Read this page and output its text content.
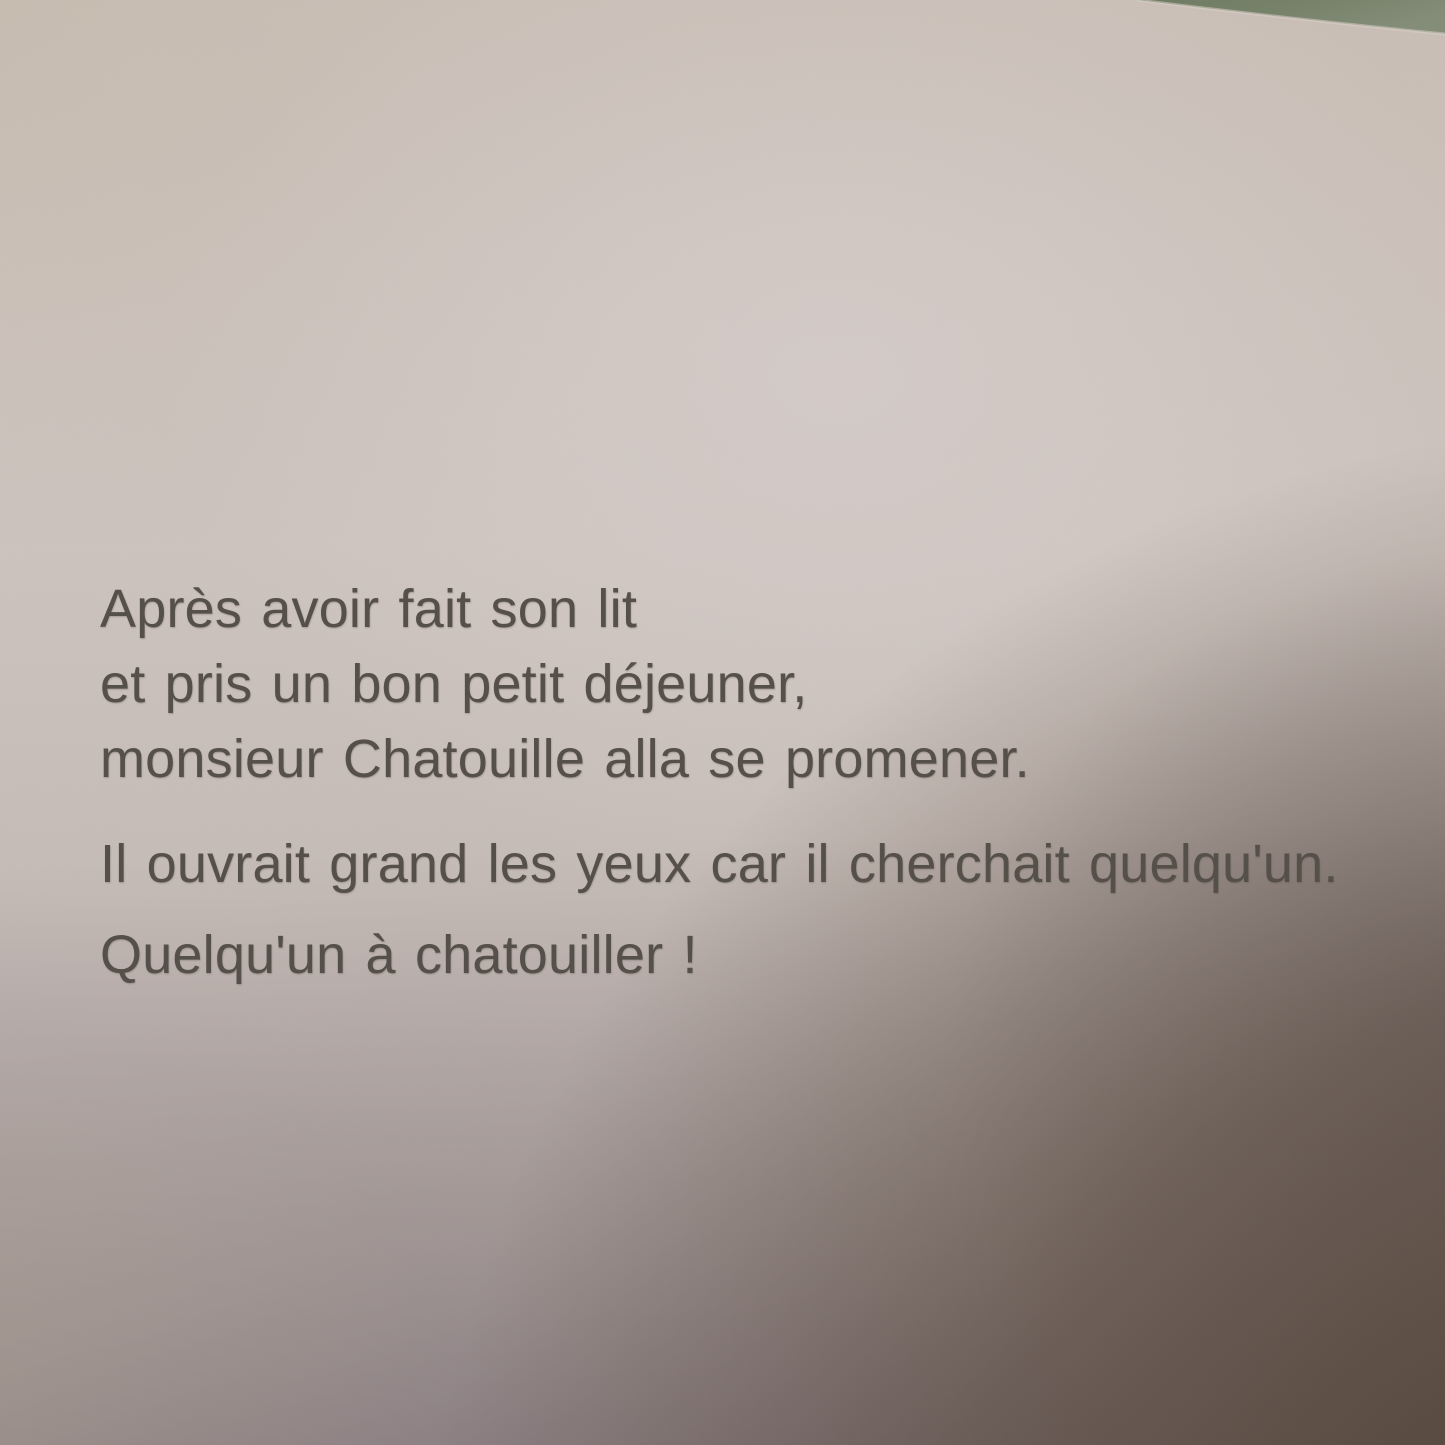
Après avoir fait son lit
et pris un bon petit déjeuner,
monsieur Chatouille alla se promener.

Il ouvrait grand les yeux car il cherchait quelqu'un.

Quelqu'un à chatouiller !
